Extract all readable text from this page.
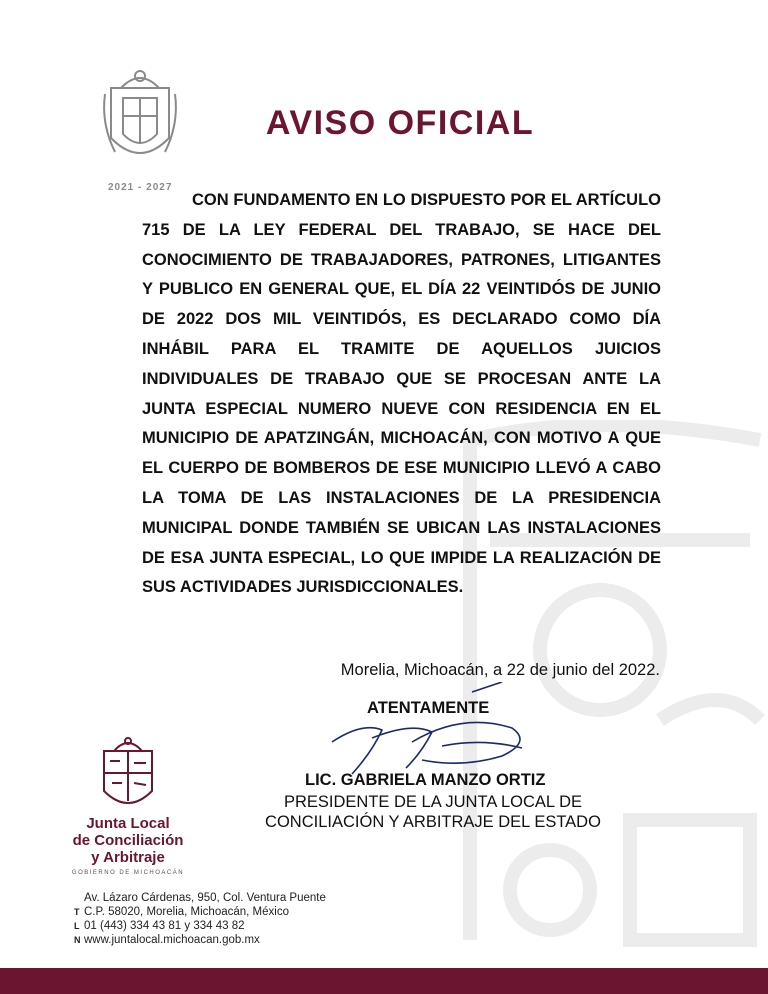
2021 - 2027
AVISO OFICIAL

CON FUNDAMENTO EN LO DISPUESTO POR EL ARTÍCULO 715 DE LA LEY FEDERAL DEL TRABAJO, SE HACE DEL CONOCIMIENTO DE TRABAJADORES, PATRONES, LITIGANTES Y PUBLICO EN GENERAL QUE, EL DÍA 22 VEINTIDÓS DE JUNIO DE 2022 DOS MIL VEINTIDÓS, ES DECLARADO COMO DÍA INHÁBIL PARA EL TRAMITE DE AQUELLOS JUICIOS INDIVIDUALES DE TRABAJO QUE SE PROCESAN ANTE LA JUNTA ESPECIAL NUMERO NUEVE CON RESIDENCIA EN EL MUNICIPIO DE APATZINGÁN, MICHOACÁN, CON MOTIVO A QUE EL CUERPO DE BOMBEROS DE ESE MUNICIPIO LLEVÓ A CABO LA TOMA DE LAS INSTALACIONES DE LA PRESIDENCIA MUNICIPAL DONDE TAMBIÉN SE UBICAN LAS INSTALACIONES DE ESA JUNTA ESPECIAL, LO QUE IMPIDE LA REALIZACIÓN DE SUS ACTIVIDADES JURISDICCIONALES.

Morelia, Michoacán, a 22 de junio del 2022.
ATENTAMENTE
LIC. GABRIELA MANZO ORTIZ
PRESIDENTE DE LA JUNTA LOCAL DE
CONCILIACIÓN Y ARBITRAJE DEL ESTADO
Junta Local
de Conciliación
y Arbitraje
GOBIERNO DE MICHOACÁN
Av. Lázaro Cárdenas, 950, Col. Ventura Puente
T C.P. 58020, Morelia, Michoacán, México
L 01 (443) 334 43 81 y 334 43 82
N www.juntalocal.michoacan.gob.mx
